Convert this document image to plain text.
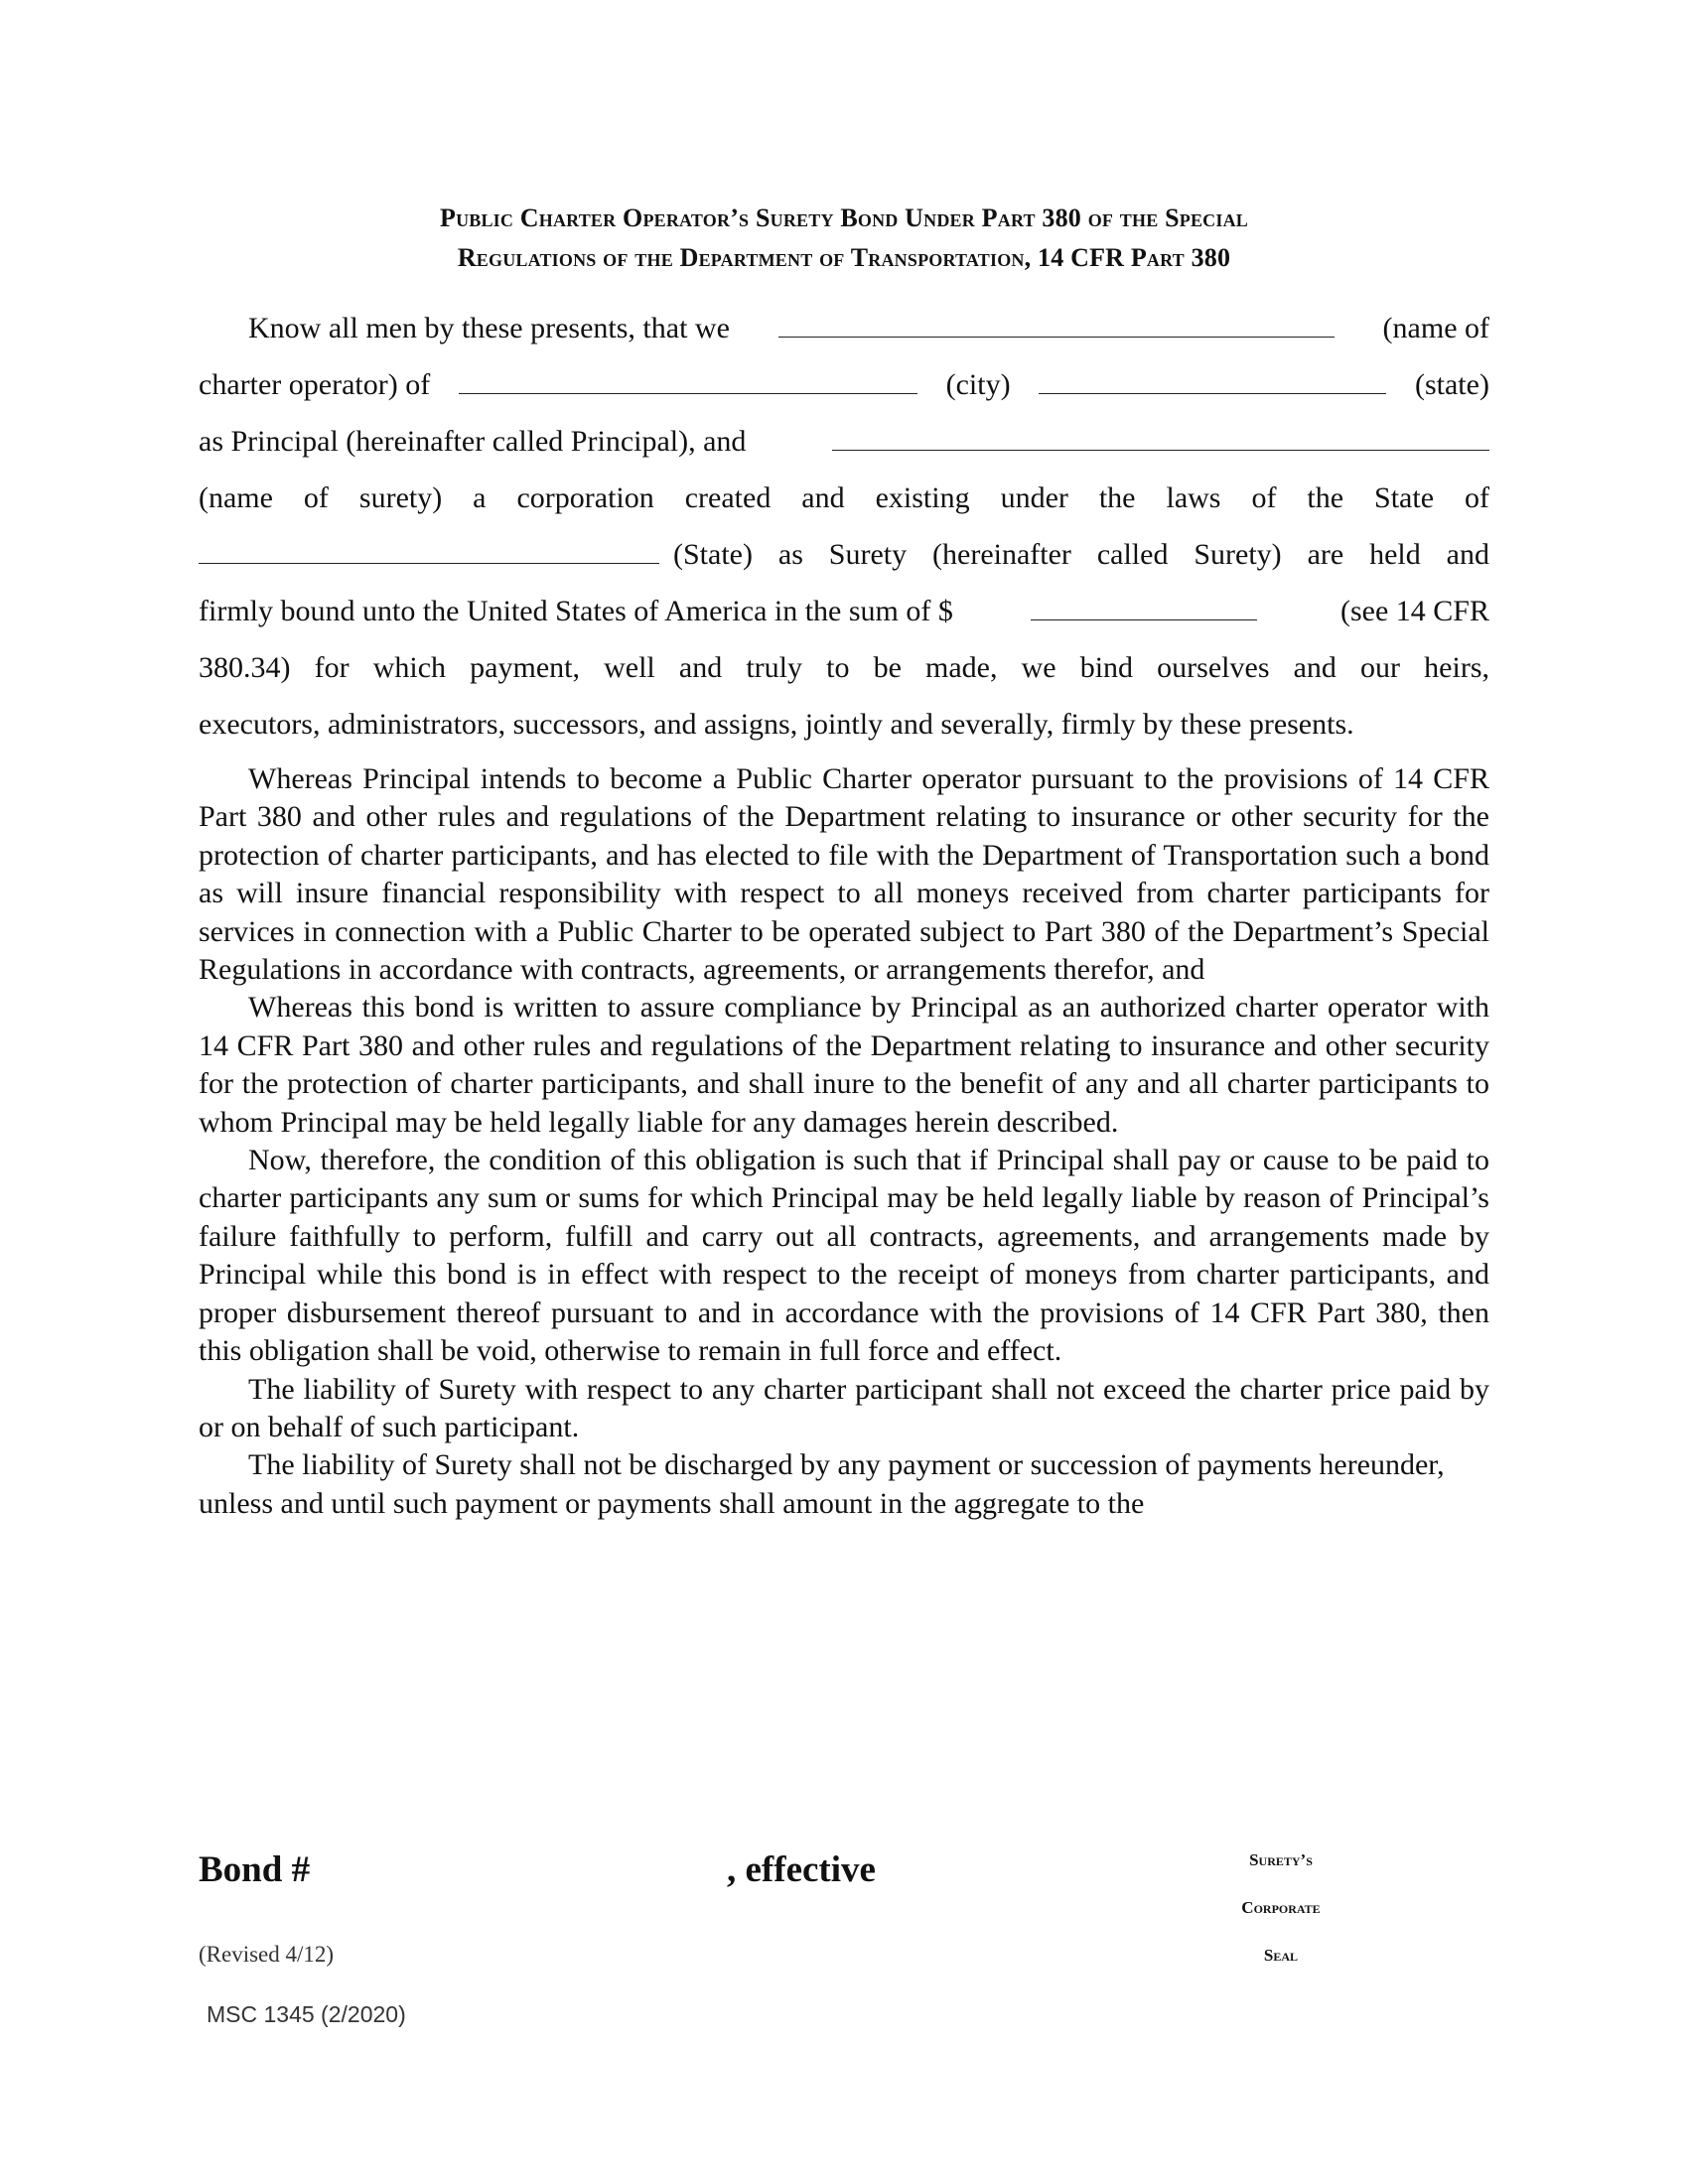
Public Charter Operator’s Surety Bond Under Part 380 of the Special
Regulations of the Department of Transportation, 14 CFR Part 380
Know all men by these presents, that we	(name of
charter operator) of	(city)	(state)
as Principal (hereinafter called Principal), and
(name of surety) a corporation created and existing under the laws of the State of
(State) as Surety (hereinafter called Surety) are held and
firmly bound unto the United States of America in the sum of $	(see 14 CFR
380.34) for which payment, well and truly to be made, we bind ourselves and our heirs,
executors, administrators, successors, and assigns, jointly and severally, firmly by these presents.

Whereas Principal intends to become a Public Charter operator pursuant to the provisions of 14 CFR Part 380 and other rules and regulations of the Department relating to insurance or other security for the protection of charter participants, and has elected to file with the Department of Transportation such a bond as will insure financial responsibility with respect to all moneys received from charter participants for services in connection with a Public Charter to be operated subject to Part 380 of the Department’s Special Regulations in accordance with contracts, agreements, or arrangements therefor, and

Whereas this bond is written to assure compliance by Principal as an authorized charter operator with 14 CFR Part 380 and other rules and regulations of the Department relating to insurance and other security for the protection of charter participants, and shall inure to the benefit of any and all charter participants to whom Principal may be held legally liable for any damages herein described.

Now, therefore, the condition of this obligation is such that if Principal shall pay or cause to be paid to charter participants any sum or sums for which Principal may be held legally liable by reason of Principal’s failure faithfully to perform, fulfill and carry out all contracts, agreements, and arrangements made by Principal while this bond is in effect with respect to the receipt of moneys from charter participants, and proper disbursement thereof pursuant to and in accordance with the provisions of 14 CFR Part 380, then this obligation shall be void, otherwise to remain in full force and effect.

The liability of Surety with respect to any charter participant shall not exceed the charter price paid by or on behalf of such participant.

The liability of Surety shall not be discharged by any payment or succession of payments hereunder, unless and until such payment or payments shall amount in the aggregate to the

Bond #	, effective	Surety’s
Corporate
Seal
(Revised 4/12)
MSC 1345 (2/2020)
